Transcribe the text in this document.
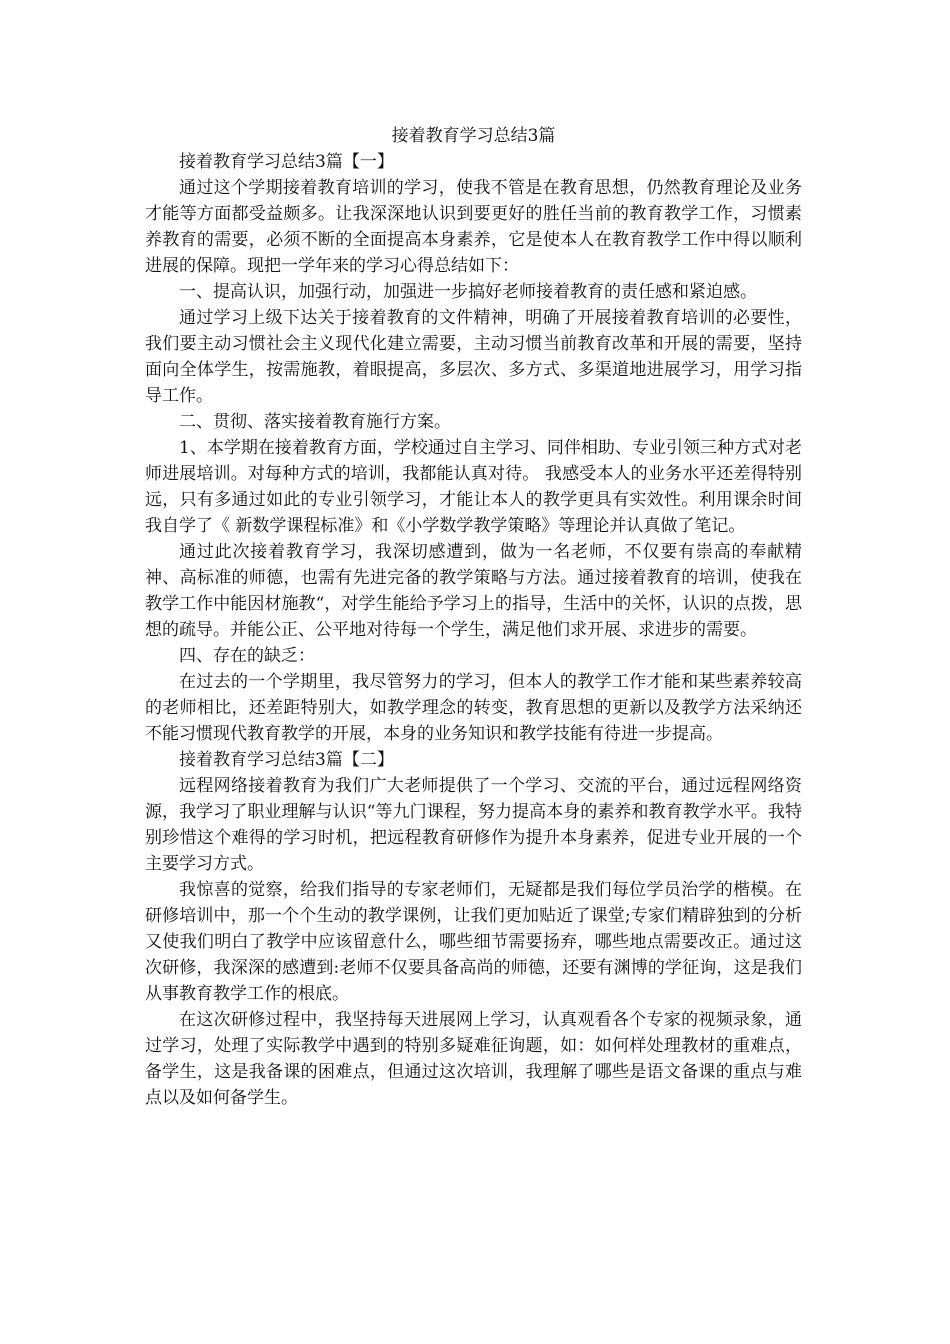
接着教育学习总结3篇
接着教育学习总结3篇【一】

通过这个学期接着教育培训的学习，使我不管是在教育思想，仍然教育理论及业务才能等方面都受益颇多。让我深深地认识到要更好的胜任当前的教育教学工作，习惯素养教育的需要，必须不断的全面提高本身素养，它是使本人在教育教学工作中得以顺利进展的保障。现把一学年来的学习心得总结如下：

一、提高认识，加强行动，加强进一步搞好老师接着教育的责任感和紧迫感。

通过学习上级下达关于接着教育的文件精神，明确了开展接着教育培训的必要性，我们要主动习惯社会主义现代化建立需要，主动习惯当前教育改革和开展的需要，坚持面向全体学生，按需施教，着眼提高，多层次、多方式、多渠道地进展学习，用学习指导工作。

二、贯彻、落实接着教育施行方案。

1、本学期在接着教育方面，学校通过自主学习、同伴相助、专业引领三种方式对老师进展培训。对每种方式的培训，我都能认真对待。 我感受本人的业务水平还差得特别远，只有多通过如此的专业引领学习，才能让本人的教学更具有实效性。利用课余时间我自学了《 新数学课程标准》和《小学数学教学策略》等理论并认真做了笔记。

通过此次接着教育学习，我深切感遭到，做为一名老师，不仅要有崇高的奉献精神、高标准的师德，也需有先进完备的教学策略与方法。通过接着教育的培训，使我在教学工作中能因材施教“，对学生能给予学习上的指导，生活中的关怀，认识的点拨，思想的疏导。并能公正、公平地对待每一个学生，满足他们求开展、求进步的需要。

四、存在的缺乏：

在过去的一个学期里，我尽管努力的学习，但本人的教学工作才能和某些素养较高的老师相比，还差距特别大，如教学理念的转变，教育思想的更新以及教学方法采纳还不能习惯现代教育教学的开展，本身的业务知识和教学技能有待进一步提高。

接着教育学习总结3篇【二】

远程网络接着教育为我们广大老师提供了一个学习、交流的平台，通过远程网络资源，我学习了职业理解与认识“等九门课程，努力提高本身的素养和教育教学水平。我特别珍惜这个难得的学习时机，把远程教育研修作为提升本身素养，促进专业开展的一个主要学习方式。

我惊喜的觉察，给我们指导的专家老师们，无疑都是我们每位学员治学的楷模。在研修培训中，那一个个生动的教学课例，让我们更加贴近了课堂;专家们精辟独到的分析又使我们明白了教学中应该留意什么，哪些细节需要扬弃，哪些地点需要改正。通过这次研修，我深深的感遭到:老师不仅要具备高尚的师德，还要有渊博的学征询，这是我们从事教育教学工作的根底。

在这次研修过程中，我坚持每天进展网上学习，认真观看各个专家的视频录象，通过学习，处理了实际教学中遇到的特别多疑难征询题，如：如何样处理教材的重难点，备学生，这是我备课的困难点，但通过这次培训，我理解了哪些是语文备课的重点与难点以及如何备学生。
